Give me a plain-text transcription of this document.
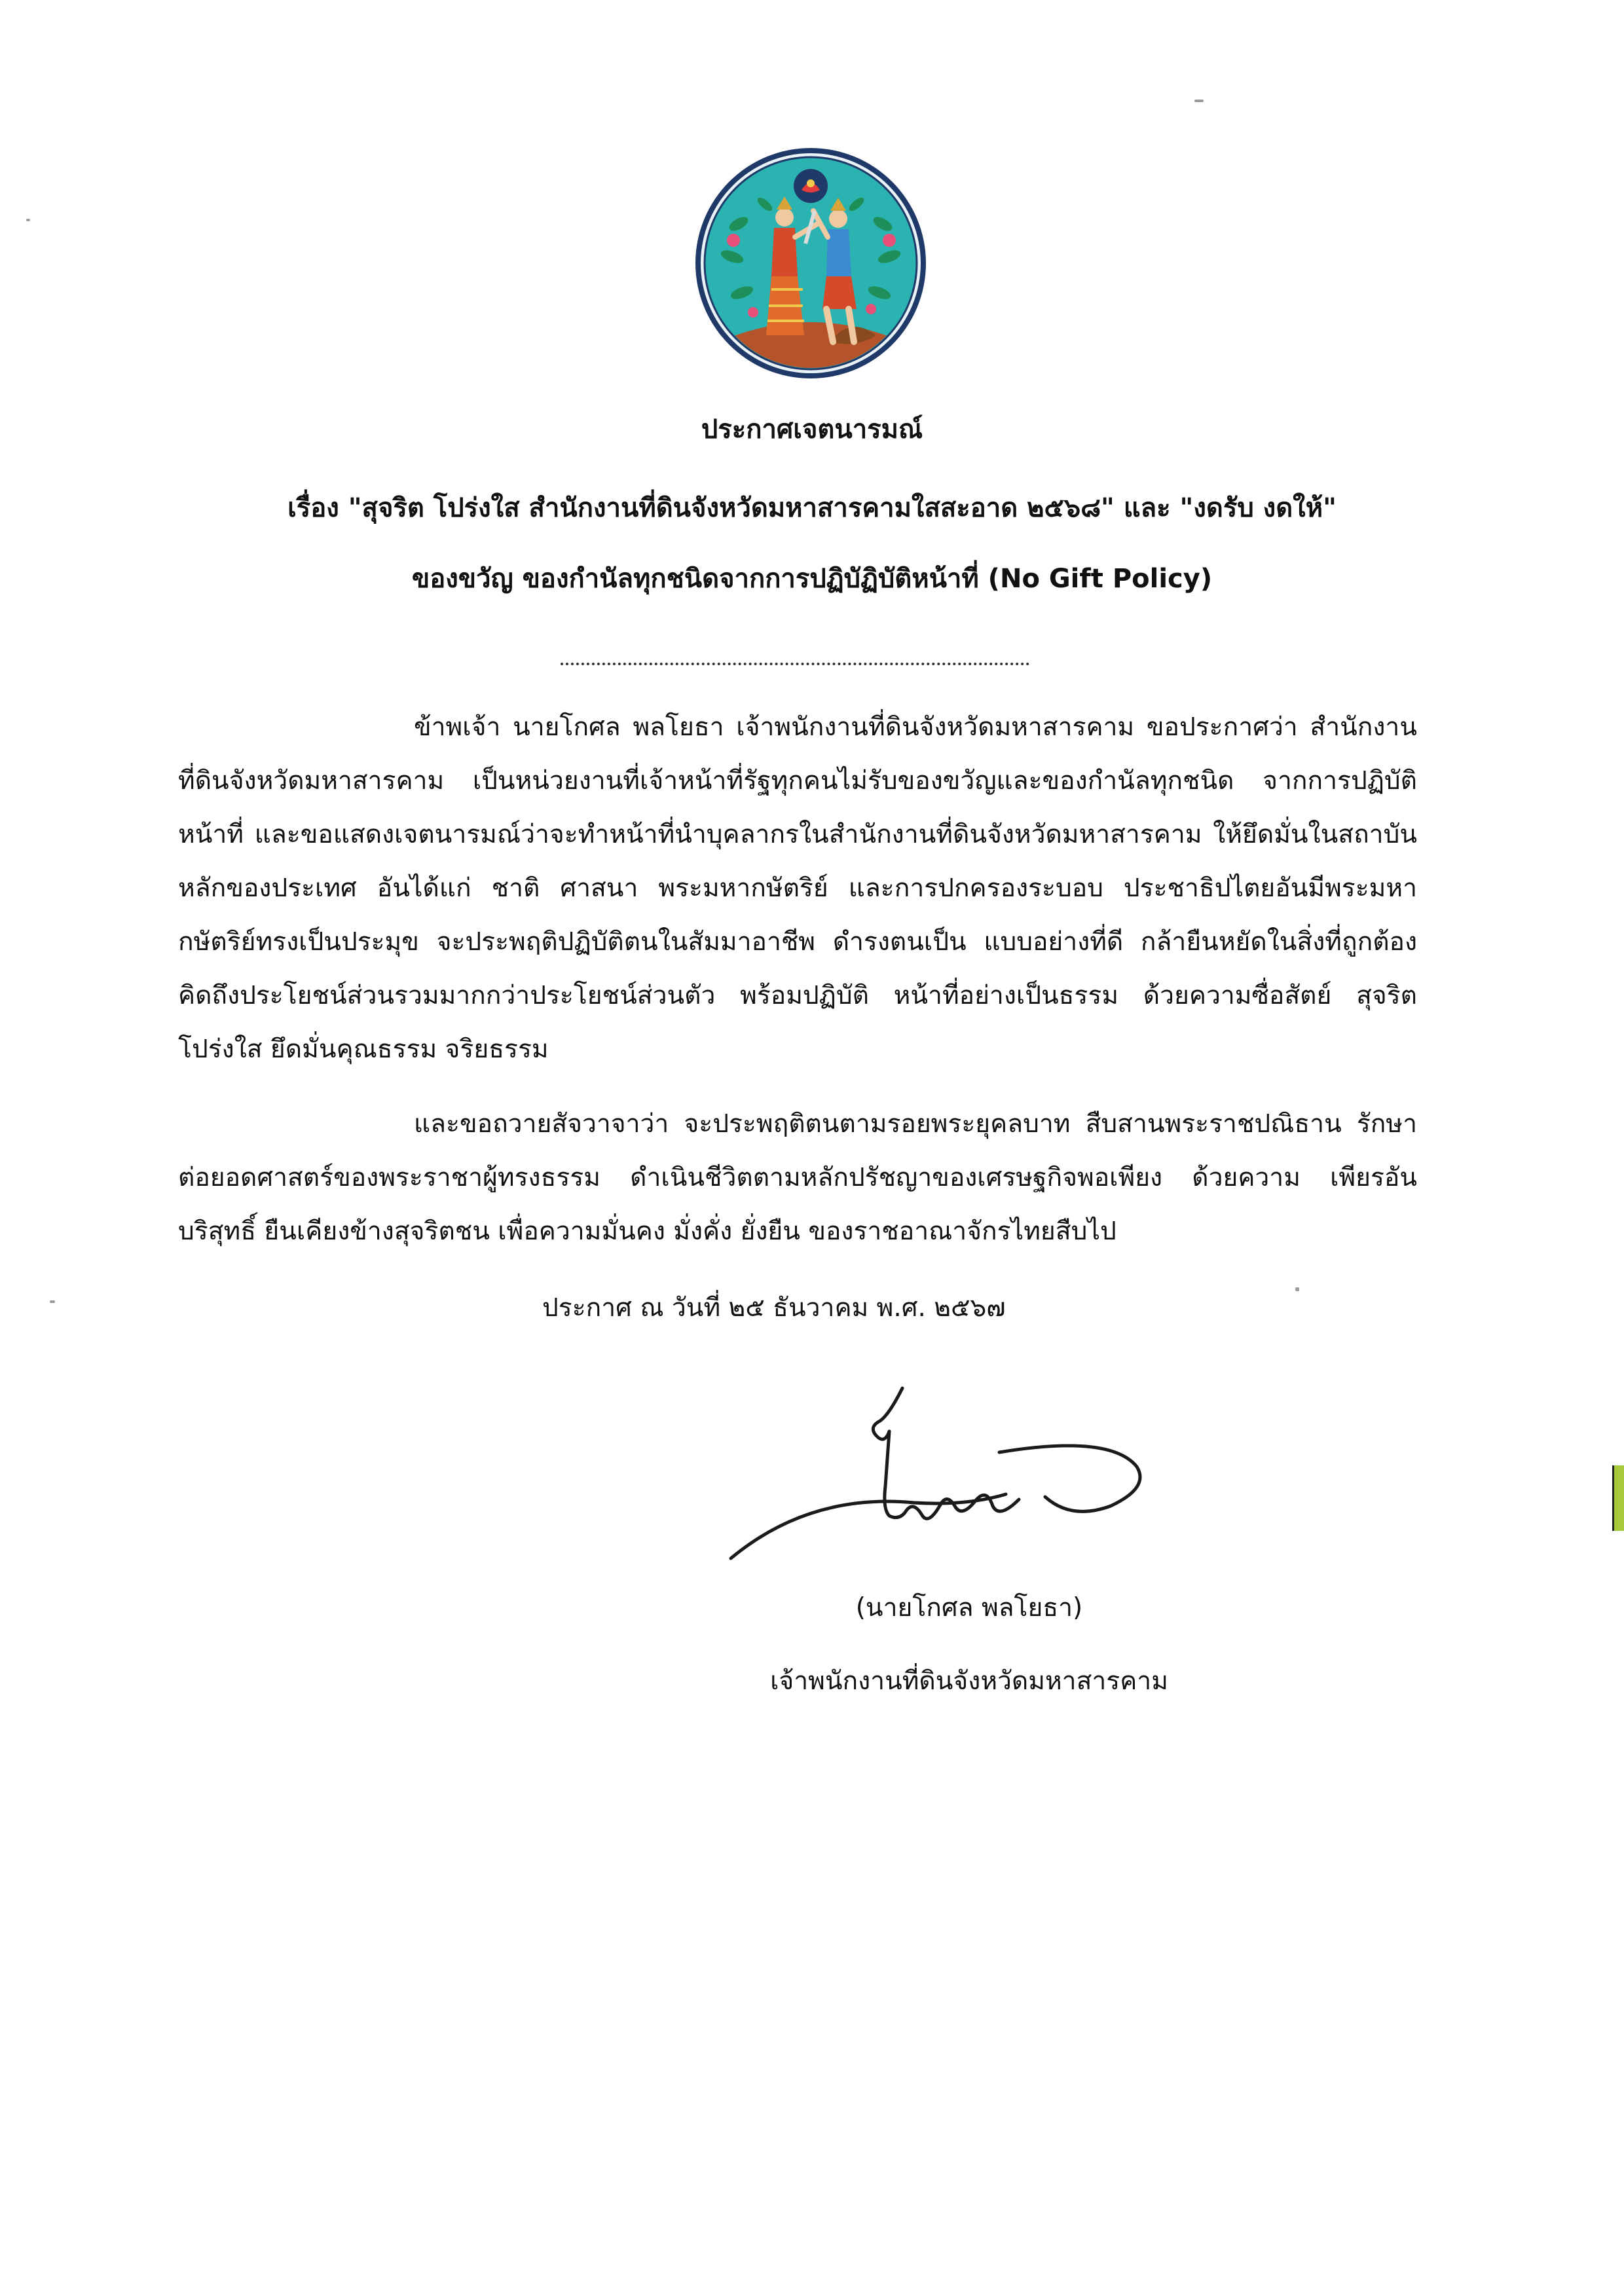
ประกาศเจตนารมณ์
เรื่อง "สุจริต โปร่งใส สำนักงานที่ดินจังหวัดมหาสารคามใสสะอาด ๒๕๖๘" และ "งดรับ งดให้"
ของขวัญ ของกำนัลทุกชนิดจากการปฏิบัฏิบัติหน้าที่ (No Gift Policy)
ข้าพเจ้า นายโกศล พลโยธา เจ้าพนักงานที่ดินจังหวัดมหาสารคาม ขอประกาศว่า สำนักงานที่ดินจังหวัดมหาสารคาม เป็นหน่วยงานที่เจ้าหน้าที่รัฐทุกคนไม่รับของขวัญและของกำนัลทุกชนิด จากการปฏิบัติหน้าที่ และขอแสดงเจตนารมณ์ว่าจะทำหน้าที่นำบุคลากรในสำนักงานที่ดินจังหวัดมหาสารคาม ให้ยึดมั่นในสถาบันหลักของประเทศ อันได้แก่ ชาติ ศาสนา พระมหากษัตริย์ และการปกครองระบอบ ประชาธิปไตยอันมีพระมหากษัตริย์ทรงเป็นประมุข จะประพฤติปฏิบัติตนในสัมมาอาชีพ ดำรงตนเป็น แบบอย่างที่ดี กล้ายืนหยัดในสิ่งที่ถูกต้อง คิดถึงประโยชน์ส่วนรวมมากกว่าประโยชน์ส่วนตัว พร้อมปฏิบัติ หน้าที่อย่างเป็นธรรม ด้วยความซื่อสัตย์ สุจริต โปร่งใส ยึดมั่นคุณธรรม จริยธรรม
และขอถวายสัจวาจาว่า จะประพฤติตนตามรอยพระยุคลบาท สืบสานพระราชปณิธาน รักษาต่อยอดศาสตร์ของพระราชาผู้ทรงธรรม ดำเนินชีวิตตามหลักปรัชญาของเศรษฐกิจพอเพียง ด้วยความ เพียรอันบริสุทธิ์ ยืนเคียงข้างสุจริตชน เพื่อความมั่นคง มั่งคั่ง ยั่งยืน ของราชอาณาจักรไทยสืบไป
ประกาศ ณ วันที่ ๒๕ ธันวาคม พ.ศ. ๒๕๖๗
(นายโกศล พลโยธา)
เจ้าพนักงานที่ดินจังหวัดมหาสารคาม
